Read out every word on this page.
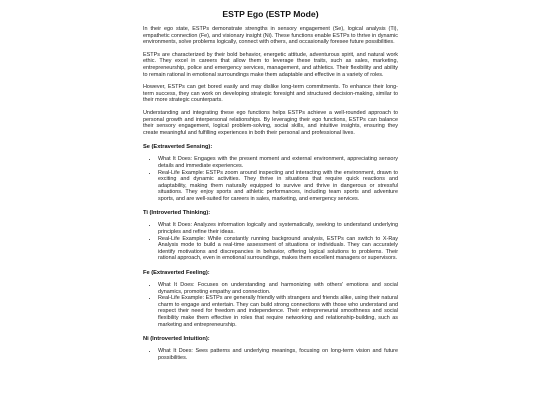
ESTP Ego (ESTP Mode)

In their ego state, ESTPs demonstrate strengths in sensory engagement (Se), logical analysis (Ti), empathetic connection (Fe), and visionary insight (Ni). These functions enable ESTPs to thrive in dynamic environments, solve problems logically, connect with others, and occasionally foresee future possibilities.

ESTPs are characterized by their bold behavior, energetic attitude, adventurous spirit, and natural work ethic. They excel in careers that allow them to leverage these traits, such as sales, marketing, entrepreneurship, police and emergency services, management, and athletics. Their flexibility and ability to remain rational in emotional surroundings make them adaptable and effective in a variety of roles.

However, ESTPs can get bored easily and may dislike long-term commitments. To enhance their long-term success, they can work on developing strategic foresight and structured decision-making, similar to their more strategic counterparts.

Understanding and integrating these ego functions helps ESTPs achieve a well-rounded approach to personal growth and interpersonal relationships. By leveraging their ego functions, ESTPs can balance their sensory engagement, logical problem-solving, social skills, and intuitive insights, ensuring they create meaningful and fulfilling experiences in both their personal and professional lives.

Se (Extraverted Sensing):
• What It Does: Engages with the present moment and external environment, appreciating sensory details and immediate experiences.
• Real-Life Example: ESTPs zoom around inspecting and interacting with the environment, drawn to exciting and dynamic activities. They thrive in situations that require quick reactions and adaptability, making them naturally equipped to survive and thrive in dangerous or stressful situations. They enjoy sports and athletic performances, including team sports and adventure sports, and are well-suited for careers in sales, marketing, and emergency services.
Ti (Introverted Thinking):
• What It Does: Analyzes information logically and systematically, seeking to understand underlying principles and refine their ideas.
• Real-Life Example: While constantly running background analysis, ESTPs can switch to X-Ray Analysis mode to build a real-time assessment of situations or individuals. They can accurately identify motivations and discrepancies in behavior, offering logical solutions to problems. Their rational approach, even in emotional surroundings, makes them excellent managers or supervisors.
Fe (Extraverted Feeling):
• What It Does: Focuses on understanding and harmonizing with others' emotions and social dynamics, promoting empathy and connection.
• Real-Life Example: ESTPs are generally friendly with strangers and friends alike, using their natural charm to engage and entertain. They can build strong connections with those who understand and respect their need for freedom and independence. Their entrepreneurial smoothness and social flexibility make them effective in roles that require networking and relationship-building, such as marketing and entrepreneurship.
Ni (Introverted Intuition):
• What It Does: Sees patterns and underlying meanings, focusing on long-term vision and future possibilities.
